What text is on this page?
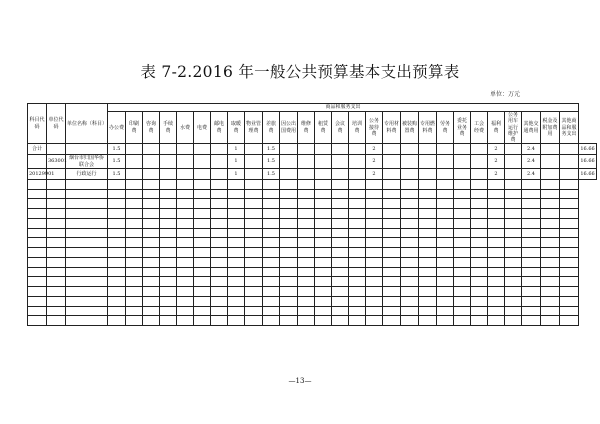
表 7-2.2016 年一般公共预算基本支出预算表
单位：万元
科目代码	单位代码	单位名称（科目）	商品和服务支出																											
			办公费	印刷费	咨询费	手续费	水费	电费	邮电费	取暖费	物业管理费	差旅费	因公出国费用	维修费	租赁费	会议费	培训费	公务接待费	专用材料费	被装购置费	专用燃料费	劳务费	委托业务费	工会经费	福利费	公务用车运行维护费	其他交通费用	税金及附加费用	其他商品和服务支出	
合计			1.5							1		1.5						2							2		2.4			16.66
	363001	烟台市归国华侨联合会	1.5							1		1.5						2							2		2.4			16.66
20129901		行政运行	1.5							1		1.5						2							2		2.4			16.66

—13—
